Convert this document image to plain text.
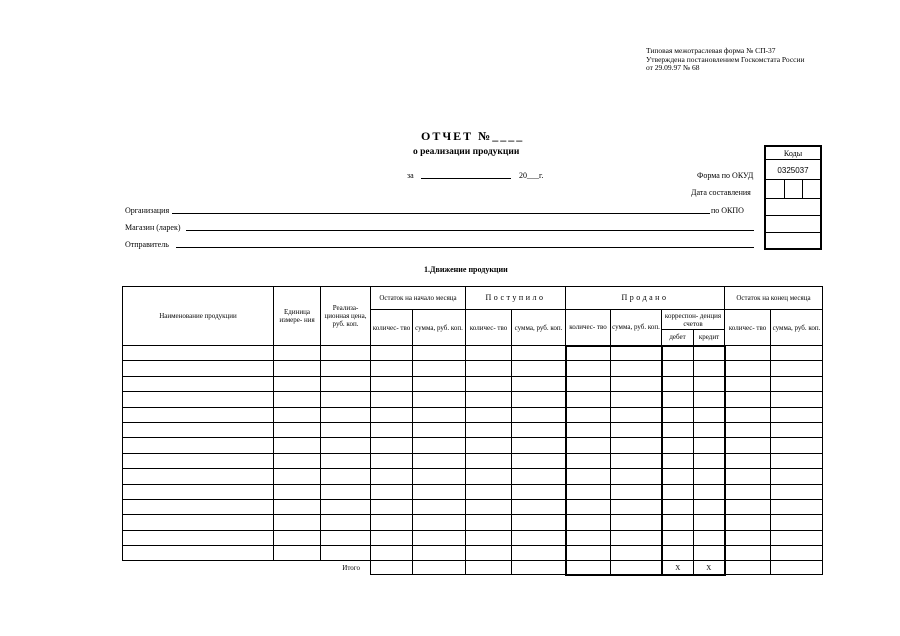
Типовая межотраслевая форма № СП-37
Утверждена постановлением Госкомстата России
от 29.09.97 № 68
ОТЧЕТ №____
о реализации продукции
за	20___г.	Форма по ОКУД
Дата составления
Коды
0325037
Организация	по ОКПО
Магазин (ларек)
Отправитель
1.Движение продукции
Наименование продукции	Единица измере- ния	Реализа- ционная цена, руб. коп.	Остаток на начало месяца		Поступило		Продано				Остаток на конец месяца	
			количес- тво	сумма, руб. коп.	количес- тво	сумма, руб. коп.	количес- тво	сумма, руб. коп.	корреспон- денция счетов		количес- тво	сумма, руб. коп.
									дебет	кредит		

Итого									Х	Х		
